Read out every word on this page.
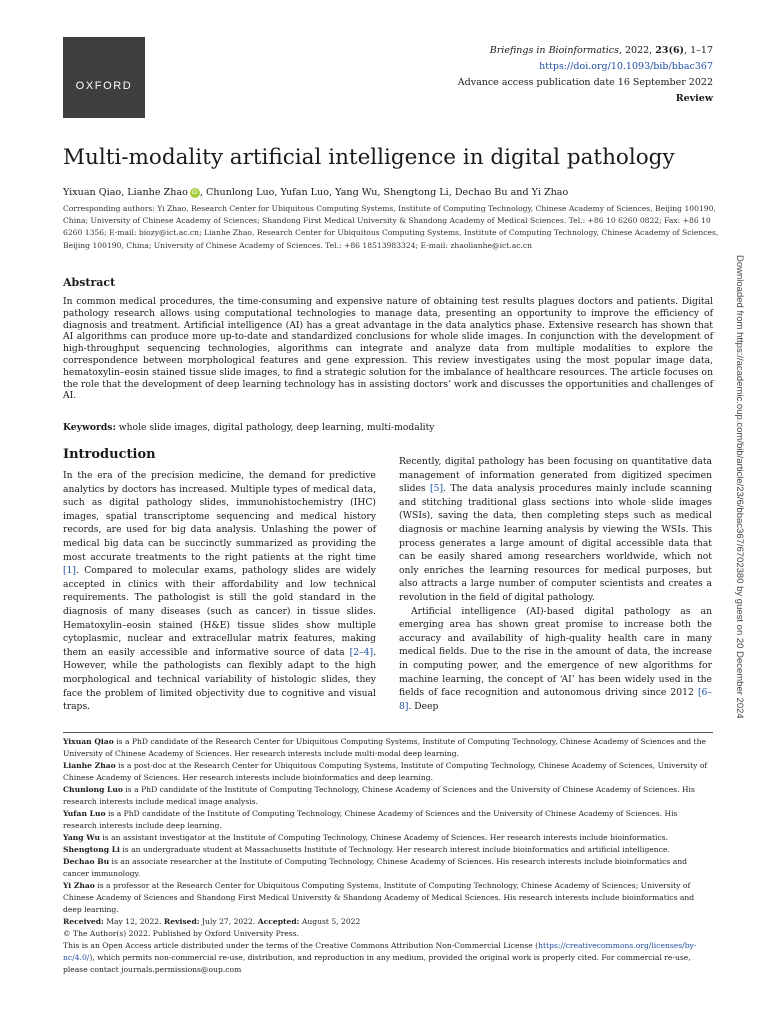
OXFORD
Briefings in Bioinformatics, 2022, 23(6), 1–17
https://doi.org/10.1093/bib/bbac367
Advance access publication date 16 September 2022
Review
Multi-modality artificial intelligence in digital pathology
Yixuan Qiao, Lianhe Zhao iD , Chunlong Luo, Yufan Luo, Yang Wu, Shengtong Li, Dechao Bu and Yi Zhao
Corresponding authors: Yi Zhao, Research Center for Ubiquitous Computing Systems, Institute of Computing Technology, Chinese Academy of Sciences, Beijing 100190, China; University of Chinese Academy of Sciences; Shandong First Medical University & Shandong Academy of Medical Sciences. Tel.: +86 10 6260 0822; Fax: +86 10 6260 1356; E-mail: biozy@ict.ac.cn; Lianhe Zhao, Research Center for Ubiquitous Computing Systems, Institute of Computing Technology, Chinese Academy of Sciences, Beijing 100190, China; University of Chinese Academy of Sciences. Tel.: +86 18513983324; E-mail: zhaolianhe@ict.ac.cn
Abstract

In common medical procedures, the time-consuming and expensive nature of obtaining test results plagues doctors and patients. Digital pathology research allows using computational technologies to manage data, presenting an opportunity to improve the efficiency of diagnosis and treatment. Artificial intelligence (AI) has a great advantage in the data analytics phase. Extensive research has shown that AI algorithms can produce more up-to-date and standardized conclusions for whole slide images. In conjunction with the development of high-throughput sequencing technologies, algorithms can integrate and analyze data from multiple modalities to explore the correspondence between morphological features and gene expression. This review investigates using the most popular image data, hematoxylin–eosin stained tissue slide images, to find a strategic solution for the imbalance of healthcare resources. The article focuses on the role that the development of deep learning technology has in assisting doctors’ work and discusses the opportunities and challenges of AI.

Keywords: whole slide images, digital pathology, deep learning, multi-modality
Introduction

In the era of the precision medicine, the demand for predictive analytics by doctors has increased. Multiple types of medical data, such as digital pathology slides, immunohistochemistry (IHC) images, spatial transcriptome sequencing and medical history records, are used for big data analysis. Unlashing the power of medical big data can be succinctly summarized as providing the most accurate treatments to the right patients at the right time [1]. Compared to molecular exams, pathology slides are widely accepted in clinics with their affordability and low technical requirements. The pathologist is still the gold standard in the diagnosis of many diseases (such as cancer) in tissue slides. Hematoxylin–eosin stained (H&E) tissue slides show multiple cytoplasmic, nuclear and extracellular matrix features, making them an easily accessible and informative source of data [2–4]. However, while the pathologists can flexibly adapt to the high morphological and technical variability of histologic slides, they face the problem of limited objectivity due to cognitive and visual traps.

Recently, digital pathology has been focusing on quantitative data management of information generated from digitized specimen slides [5]. The data analysis procedures mainly include scanning and stitching traditional glass sections into whole slide images (WSIs), saving the data, then completing steps such as medical diagnosis or machine learning analysis by viewing the WSIs. This process generates a large amount of digital accessible data that can be easily shared among researchers worldwide, which not only enriches the learning resources for medical purposes, but also attracts a large number of computer scientists and creates a revolution in the field of digital pathology.

Artificial intelligence (AI)-based digital pathology as an emerging area has shown great promise to increase both the accuracy and availability of high-quality health care in many medical fields. Due to the rise in the amount of data, the increase in computing power, and the emergence of new algorithms for machine learning, the concept of ‘AI’ has been widely used in the fields of face recognition and autonomous driving since 2012 [6–8]. Deep

Yixuan Qiao is a PhD candidate of the Research Center for Ubiquitous Computing Systems, Institute of Computing Technology, Chinese Academy of Sciences and the University of Chinese Academy of Sciences. Her research interests include multi-modal deep learning.
Lianhe Zhao is a post-doc at the Research Center for Ubiquitous Computing Systems, Institute of Computing Technology, Chinese Academy of Sciences, University of Chinese Academy of Sciences. Her research interests include bioinformatics and deep learning.
Chunlong Luo is a PhD candidate of the Institute of Computing Technology, Chinese Academy of Sciences and the University of Chinese Academy of Sciences. His research interests include medical image analysis.
Yufan Luo is a PhD candidate of the Institute of Computing Technology, Chinese Academy of Sciences and the University of Chinese Academy of Sciences. His research interests include deep learning.
Yang Wu is an assistant investigator at the Institute of Computing Technology, Chinese Academy of Sciences. Her research interests include bioinformatics.
Shengtong Li is an undergraduate student at Massachusetts Institute of Technology. Her research interest include bioinformatics and artificial intelligence.
Dechao Bu is an associate researcher at the Institute of Computing Technology, Chinese Academy of Sciences. His research interests include bioinformatics and cancer immunology.
Yi Zhao is a professor at the Research Center for Ubiquitous Computing Systems, Institute of Computing Technology, Chinese Academy of Sciences; University of Chinese Academy of Sciences and Shandong First Medical University & Shandong Academy of Medical Sciences. His research interests include bioinformatics and deep learning.
Received: May 12, 2022. Revised: July 27, 2022. Accepted: August 5, 2022
© The Author(s) 2022. Published by Oxford University Press.
This is an Open Access article distributed under the terms of the Creative Commons Attribution Non-Commercial License (https://creativecommons.org/licenses/by-nc/4.0/), which permits non-commercial re-use, distribution, and reproduction in any medium, provided the original work is properly cited. For commercial re-use, please contact journals.permissions@oup.com
Downloaded from https://academic.oup.com/bib/article/23/6/bbac367/6702380 by guest on 20 December 2024
